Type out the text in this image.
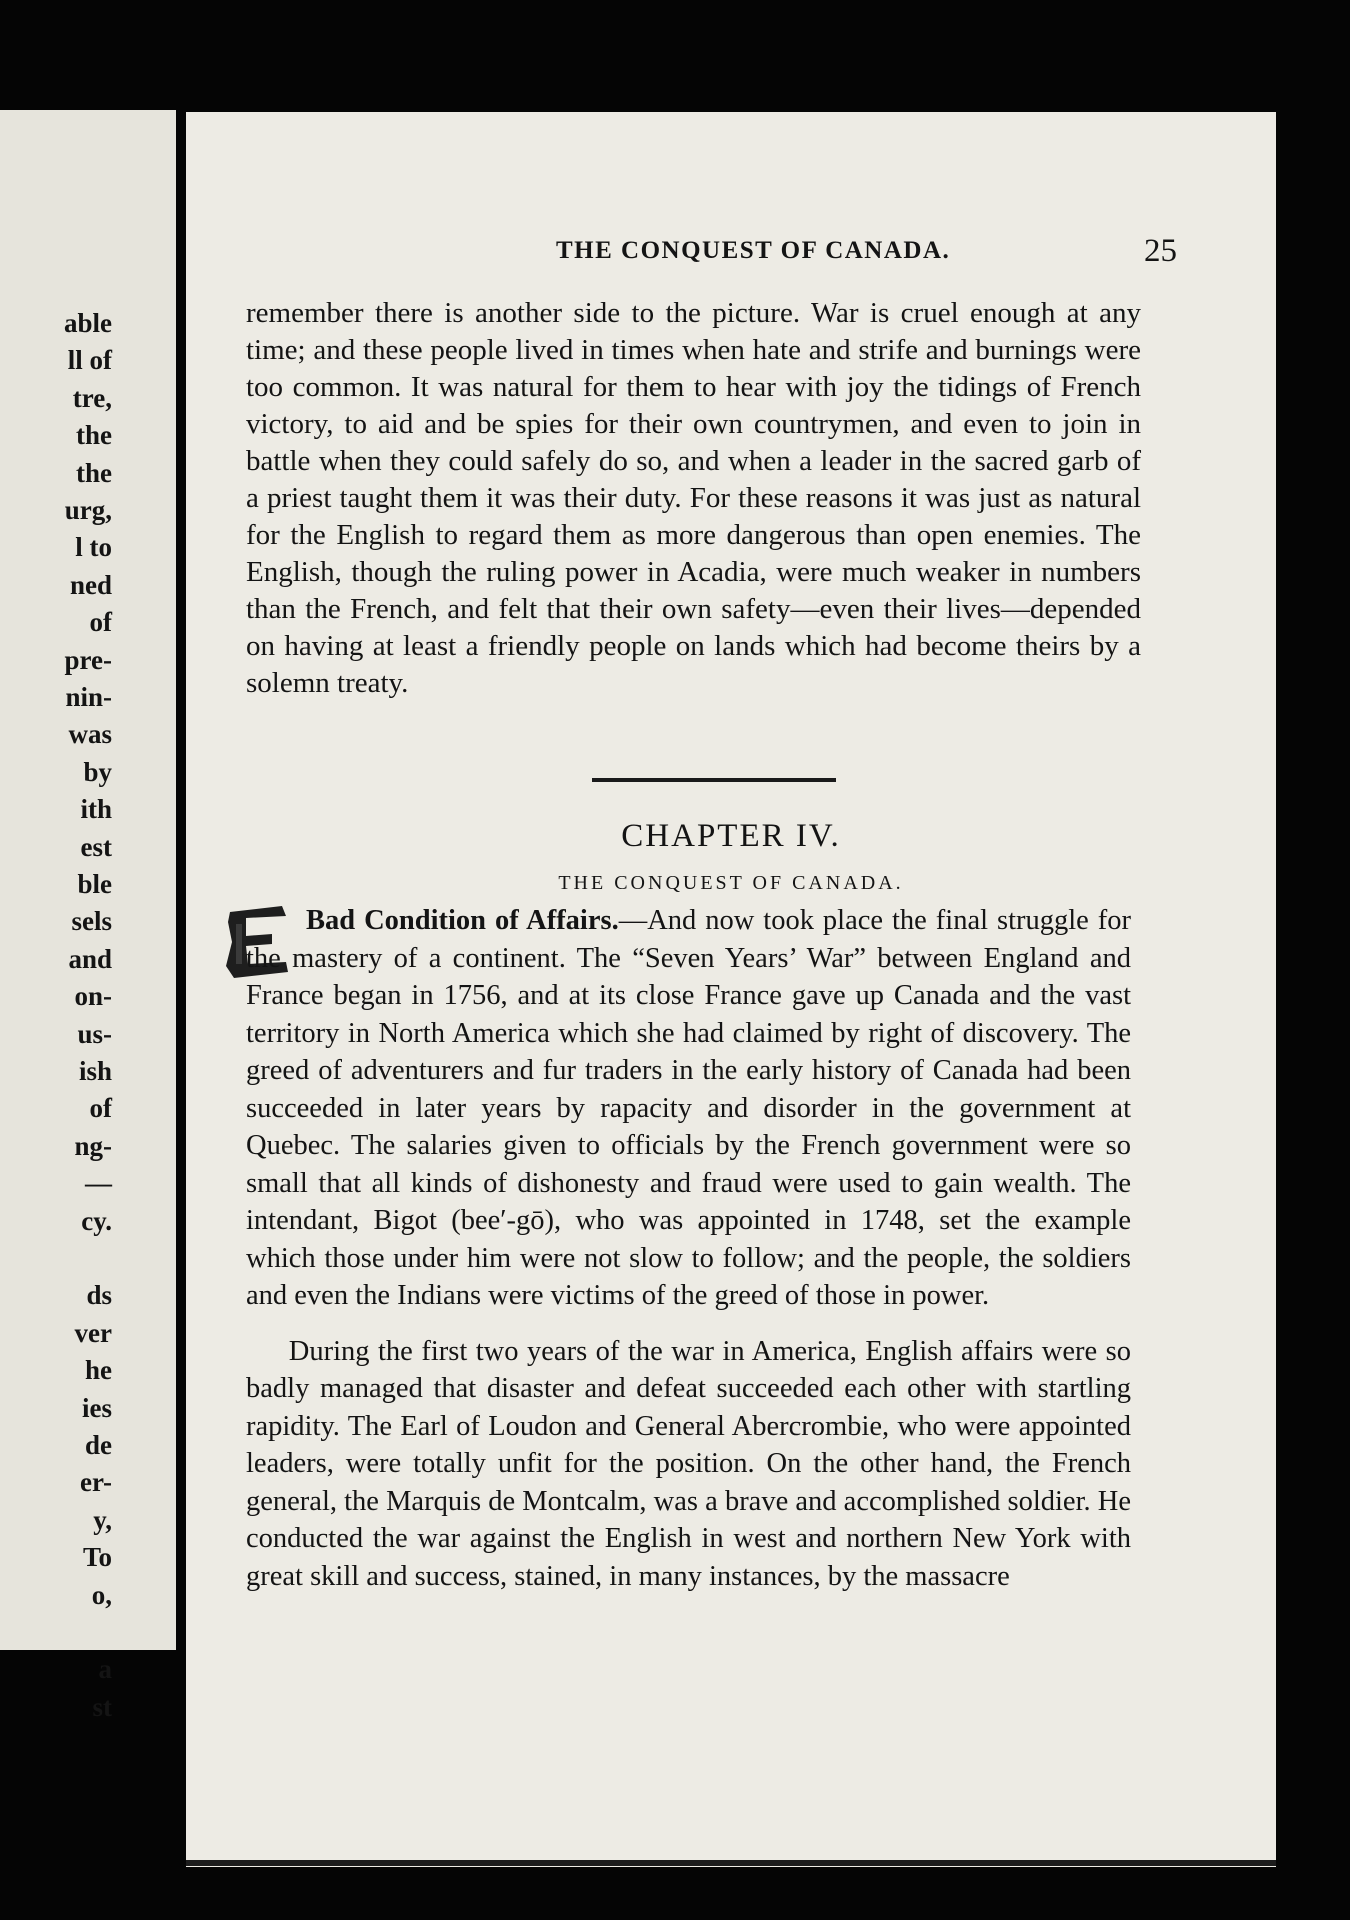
able
ll of
tre,
the
the
urg,
l to
ned
of
pre-
nin-
was
by
ith
est
ble
sels
and
on-
us-
ish
of
ng-
—
cy.
ds
ver
he
ies
de
er-
y,
To
o,
a
st
THE CONQUEST OF CANADA.	25
remember there is another side to the picture. War is cruel enough at any time; and these people lived in times when hate and strife and burnings were too common. It was natural for them to hear with joy the tidings of French victory, to aid and be spies for their own countrymen, and even to join in battle when they could safely do so, and when a leader in the sacred garb of a priest taught them it was their duty. For these reasons it was just as natural for the English to regard them as more dangerous than open enemies. The English, though the ruling power in Acadia, were much weaker in numbers than the French, and felt that their own safety—even their lives—depended on having at least a friendly people on lands which had become theirs by a solemn treaty.
CHAPTER IV.
THE CONQUEST OF CANADA.

Bad Condition of Affairs.—And now took place the final struggle for the mastery of a continent. The “Seven Years’ War” between England and France began in 1756, and at its close France gave up Canada and the vast territory in North America which she had claimed by right of discovery. The greed of adventurers and fur traders in the early history of Canada had been succeeded in later years by rapacity and disorder in the government at Quebec. The salaries given to officials by the French government were so small that all kinds of dishonesty and fraud were used to gain wealth. The intendant, Bigot (bee′-gō), who was appointed in 1748, set the example which those under him were not slow to follow; and the people, the soldiers and even the Indians were victims of the greed of those in power.

During the first two years of the war in America, English affairs were so badly managed that disaster and defeat succeeded each other with startling rapidity. The Earl of Loudon and General Abercrombie, who were appointed leaders, were totally unfit for the position. On the other hand, the French general, the Marquis de Montcalm, was a brave and accomplished soldier. He conducted the war against the English in west and northern New York with great skill and success, stained, in many instances, by the massacre
